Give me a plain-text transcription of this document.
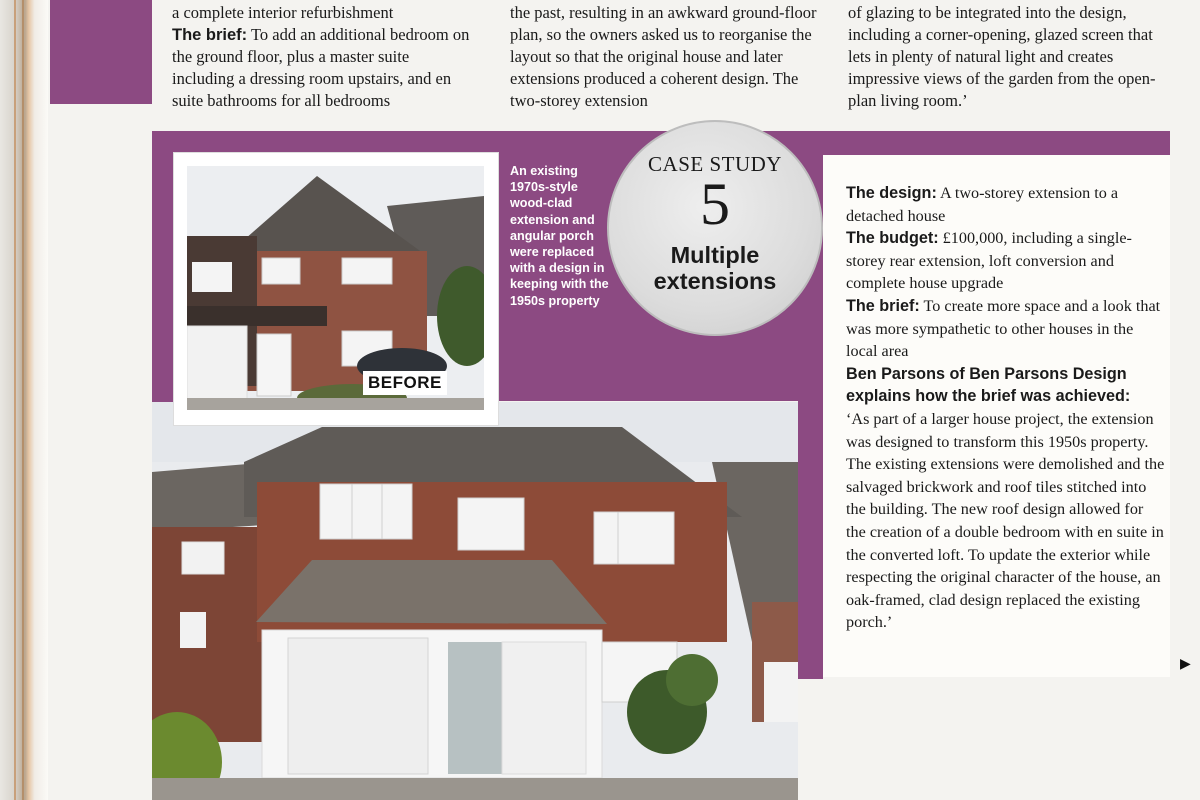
a complete interior refurbishment

The brief: To add an additional bedroom on the ground floor, plus a master suite including a dressing room upstairs, and en suite bathrooms for all bedrooms

the past, resulting in an awkward ground-floor plan, so the owners asked us to reorganise the layout so that the original house and later extensions produced a coherent design. The two-storey extension

of glazing to be integrated into the design, including a corner-opening, glazed screen that lets in plenty of natural light and creates impressive views of the garden from the open-plan living room.’

BEFORE
An existing 1970s-style wood-clad extension and angular porch were replaced with a design in keeping with the 1950s property
CASE STUDY
5
Multiple
extensions

The design: A two-storey extension to a detached house

The budget: £100,000, including a single-storey rear extension, loft conversion and complete house upgrade

The brief: To create more space and a look that was more sympathetic to other houses in the local area

Ben Parsons of Ben Parsons Design explains how the brief was achieved:

‘As part of a larger house project, the extension was designed to transform this 1950s property. The existing extensions were demolished and the salvaged brickwork and roof tiles stitched into the building. The new roof design allowed for the creation of a double bedroom with en suite in the converted loft. To update the exterior while respecting the original character of the house, an oak-framed, clad design replaced the existing porch.’

▶
